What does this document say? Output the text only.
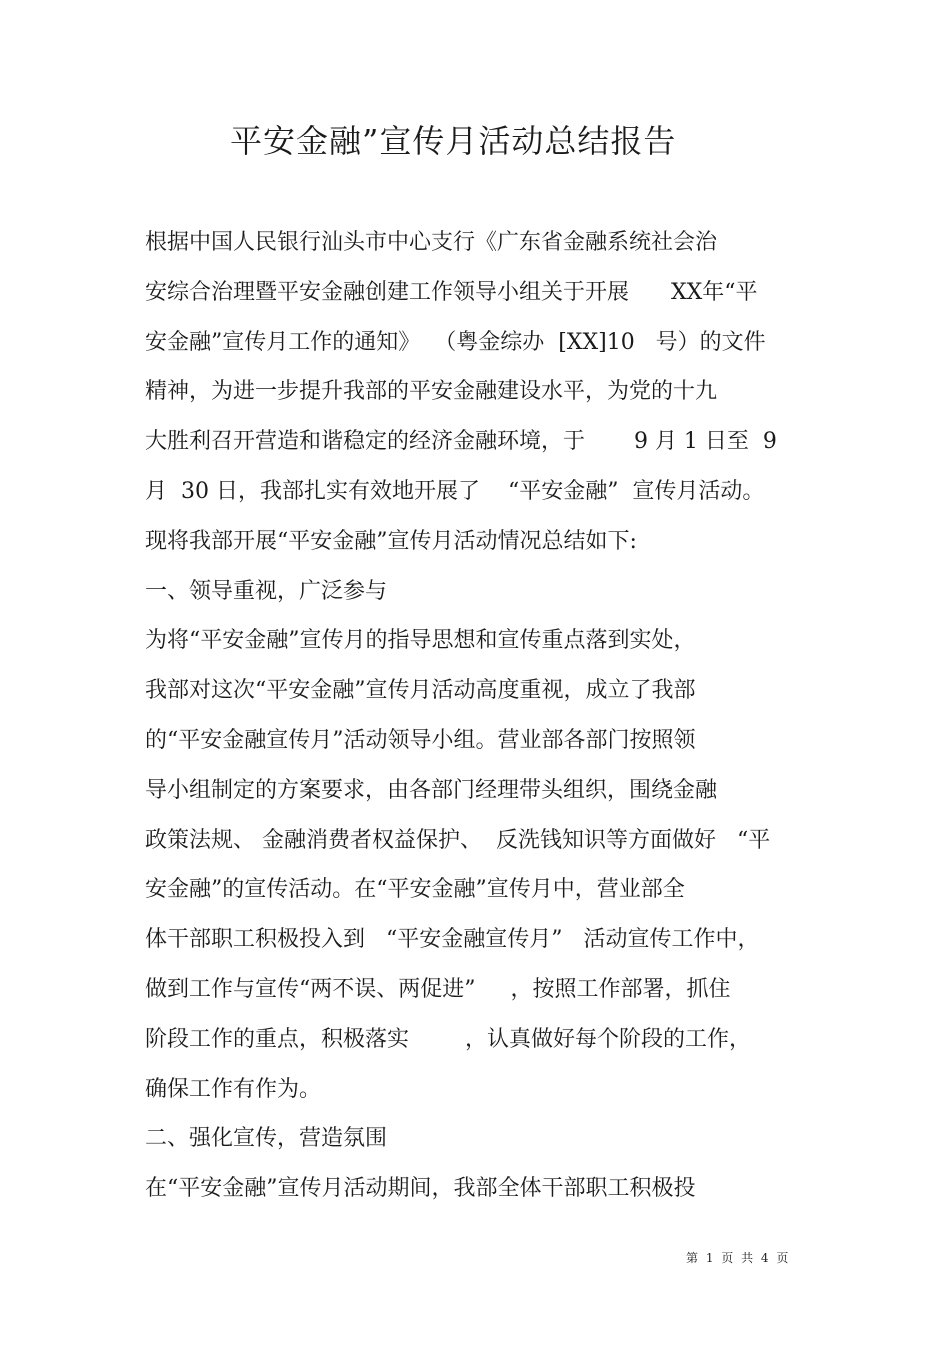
平安金融”宣传月活动总结报告
根据中国人民银行汕头市中心支行《广东省金融系统社会治
安综合治理暨平安金融创建工作领导小组关于开展      XX年“平
安金融”宣传月工作的通知》  （粤金综办  [XX]10   号）的文件
精神，为进一步提升我部的平安金融建设水平，为党的十九
大胜利召开营造和谐稳定的经济金融环境，于       9 月 1 日至  9
月  30 日，我部扎实有效地开展了    “平安金融”  宣传月活动。
现将我部开展“平安金融”宣传月活动情况总结如下:
一、领导重视，广泛参与
为将“平安金融”宣传月的指导思想和宣传重点落到实处，
我部对这次“平安金融”宣传月活动高度重视，成立了我部
的“平安金融宣传月”活动领导小组。营业部各部门按照领
导小组制定的方案要求，由各部门经理带头组织，围绕金融
政策法规、 金融消费者权益保护、  反洗钱知识等方面做好   “平
安金融”的宣传活动。在“平安金融”宣传月中，营业部全
体干部职工积极投入到   “平安金融宣传月”   活动宣传工作中，
做到工作与宣传“两不误、两促进”     ，按照工作部署，抓住
阶段工作的重点，积极落实        ，认真做好每个阶段的工作，
确保工作有作为。
二、强化宣传，营造氛围
在“平安金融”宣传月活动期间，我部全体干部职工积极投
第 1 页 共 4 页
